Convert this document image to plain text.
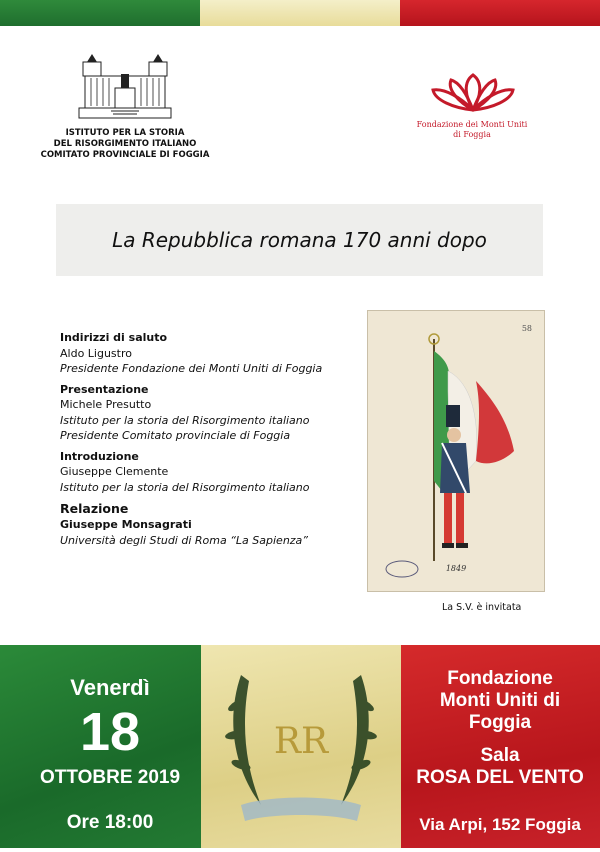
ISTITUTO PER LA STORIA
DEL RISORGIMENTO ITALIANO
COMITATO PROVINCIALE DI FOGGIA
Fondazione dei Monti Uniti
di Foggia
La Repubblica romana 170 anni dopo
Indirizzi di saluto
Aldo Ligustro
Presidente Fondazione dei Monti Uniti di Foggia
Presentazione
Michele Presutto
Istituto per la storia del Risorgimento italiano
Presidente Comitato provinciale di Foggia
Introduzione
Giuseppe Clemente
Istituto per la storia del Risorgimento italiano
Relazione
Giuseppe Monsagrati
Università degli Studi di Roma “La Sapienza”
58
1849
La S.V. è invitata
RR
Venerdì
18
OTTOBRE 2019
Ore 18:00
Fondazione
Monti Uniti di Foggia
Sala
ROSA DEL VENTO
Via Arpi, 152 Foggia
